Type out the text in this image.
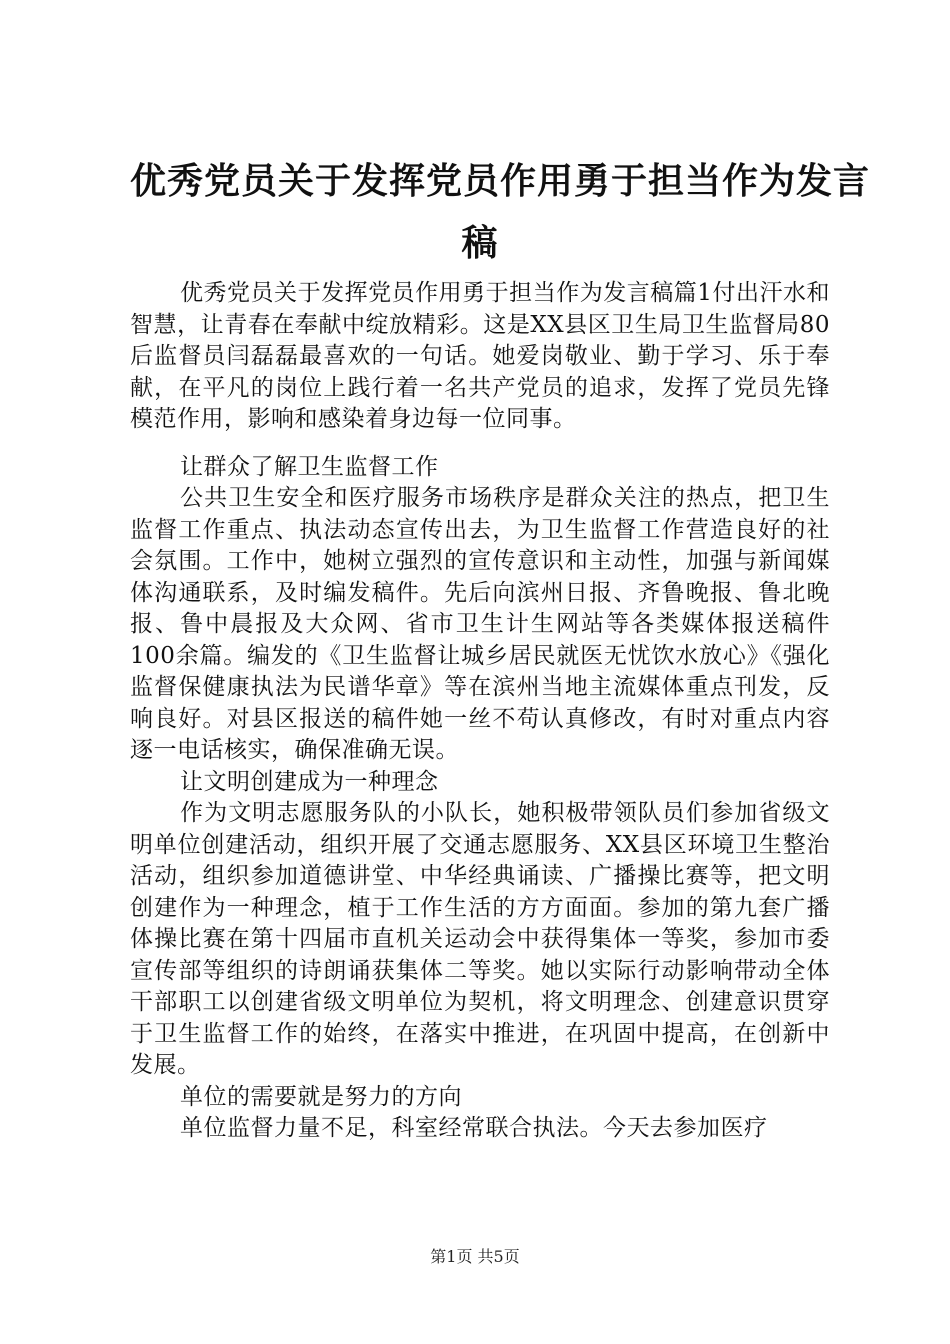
优秀党员关于发挥党员作用勇于担当作为发言
稿

优秀党员关于发挥党员作用勇于担当作为发言稿篇1付出汗水和智慧，让青春在奉献中绽放精彩。这是XX县区卫生局卫生监督局80后监督员闫磊磊最喜欢的一句话。她爱岗敬业、勤于学习、乐于奉献，在平凡的岗位上践行着一名共产党员的追求，发挥了党员先锋模范作用，影响和感染着身边每一位同事。

让群众了解卫生监督工作

公共卫生安全和医疗服务市场秩序是群众关注的热点，把卫生监督工作重点、执法动态宣传出去，为卫生监督工作营造良好的社会氛围。工作中，她树立强烈的宣传意识和主动性，加强与新闻媒体沟通联系，及时编发稿件。先后向滨州日报、齐鲁晚报、鲁北晚报、鲁中晨报及大众网、省市卫生计生网站等各类媒体报送稿件100余篇。编发的《卫生监督让城乡居民就医无忧饮水放心》《强化监督保健康执法为民谱华章》等在滨州当地主流媒体重点刊发，反响良好。对县区报送的稿件她一丝不苟认真修改，有时对重点内容逐一电话核实，确保准确无误。

让文明创建成为一种理念

作为文明志愿服务队的小队长，她积极带领队员们参加省级文明单位创建活动，组织开展了交通志愿服务、XX县区环境卫生整治活动，组织参加道德讲堂、中华经典诵读、广播操比赛等，把文明创建作为一种理念，植于工作生活的方方面面。参加的第九套广播体操比赛在第十四届市直机关运动会中获得集体一等奖，参加市委宣传部等组织的诗朗诵获集体二等奖。她以实际行动影响带动全体干部职工以创建省级文明单位为契机，将文明理念、创建意识贯穿于卫生监督工作的始终，在落实中推进，在巩固中提高，在创新中发展。

单位的需要就是努力的方向

单位监督力量不足，科室经常联合执法。今天去参加医疗

第1页 共5页
